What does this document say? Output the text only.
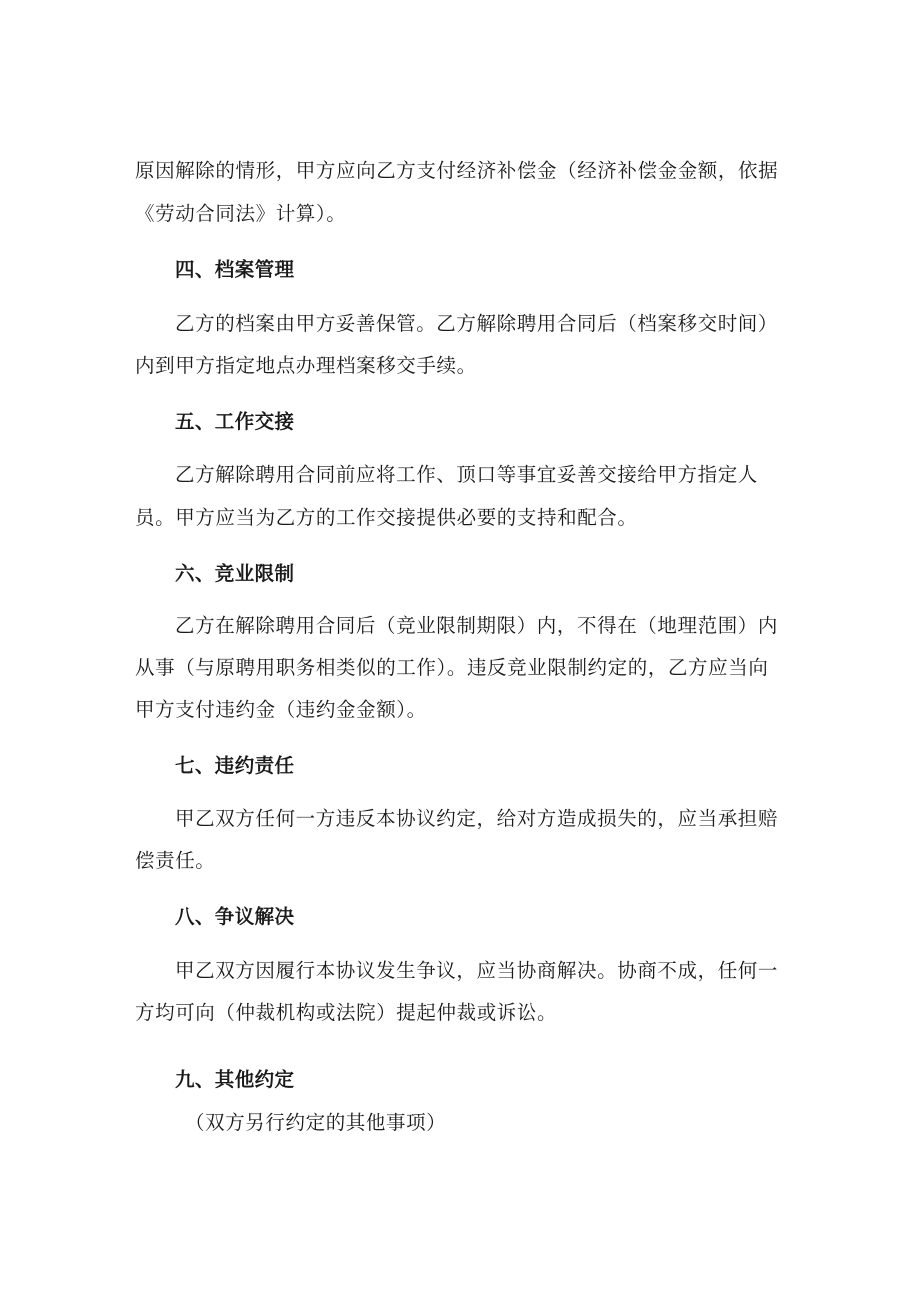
原因解除的情形，甲方应向乙方支付经济补偿金（经济补偿金金额，依据
《劳动合同法》计算）。
四、档案管理
乙方的档案由甲方妥善保管。乙方解除聘用合同后（档案移交时间）
内到甲方指定地点办理档案移交手续。
五、工作交接
乙方解除聘用合同前应将工作、顶口等事宜妥善交接给甲方指定人
员。甲方应当为乙方的工作交接提供必要的支持和配合。
六、竞业限制
乙方在解除聘用合同后（竞业限制期限）内，不得在（地理范围）内
从事（与原聘用职务相类似的工作）。违反竞业限制约定的，乙方应当向
甲方支付违约金（违约金金额）。
七、违约责任
甲乙双方任何一方违反本协议约定，给对方造成损失的，应当承担赔
偿责任。
八、争议解决
甲乙双方因履行本协议发生争议，应当协商解决。协商不成，任何一
方均可向（仲裁机构或法院）提起仲裁或诉讼。
九、其他约定
（双方另行约定的其他事项）
